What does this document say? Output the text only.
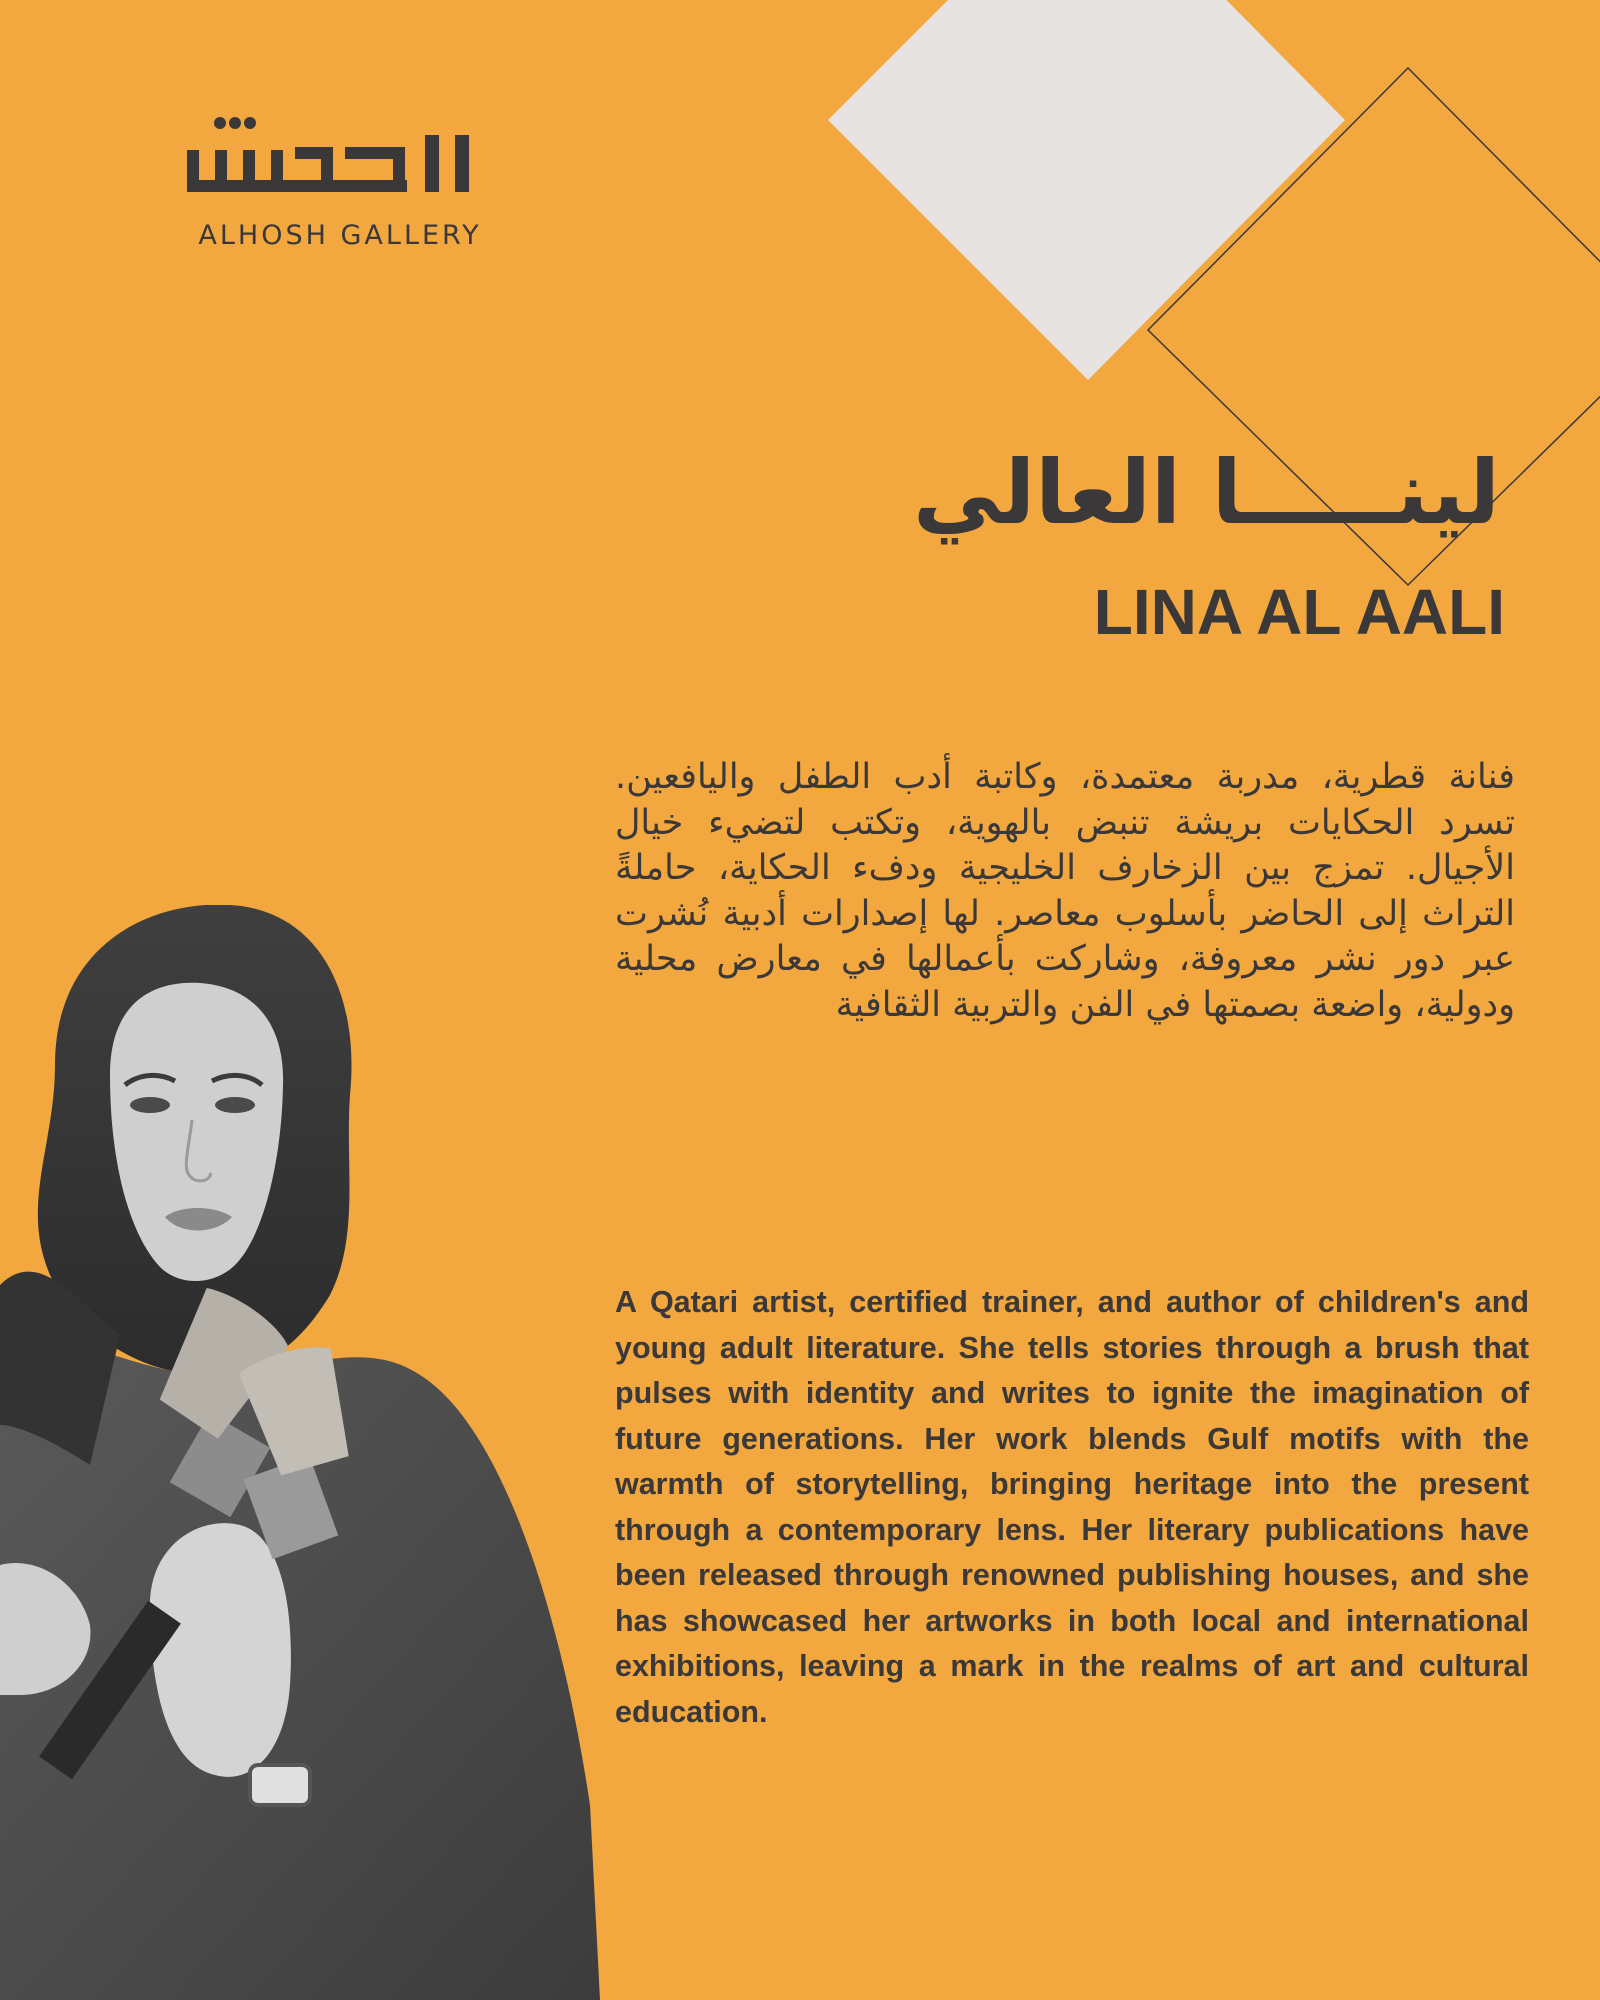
ALHOSH GALLERY
لينـــــا العالي
LINA AL AALI
فنانة قطرية، مدربة معتمدة، وكاتبة أدب الطفل واليافعين. تسرد الحكايات بريشة تنبض بالهوية، وتكتب لتضيء خيال الأجيال. تمزج بين الزخارف الخليجية ودفء الحكاية، حاملةً التراث إلى الحاضر بأسلوب معاصر. لها إصدارات أدبية نُشرت عبر دور نشر معروفة، وشاركت بأعمالها في معارض محلية ودولية، واضعة بصمتها في الفن والتربية الثقافية
A Qatari artist, certified trainer, and author of children's and young adult literature. She tells stories through a brush that pulses with identity and writes to ignite the imagination of future generations. Her work blends Gulf motifs with the warmth of storytelling, bringing heritage into the present through a contemporary lens. Her literary publications have been released through renowned publishing houses, and she has showcased her artworks in both local and international exhibitions, leaving a mark in the realms of art and cultural education.
